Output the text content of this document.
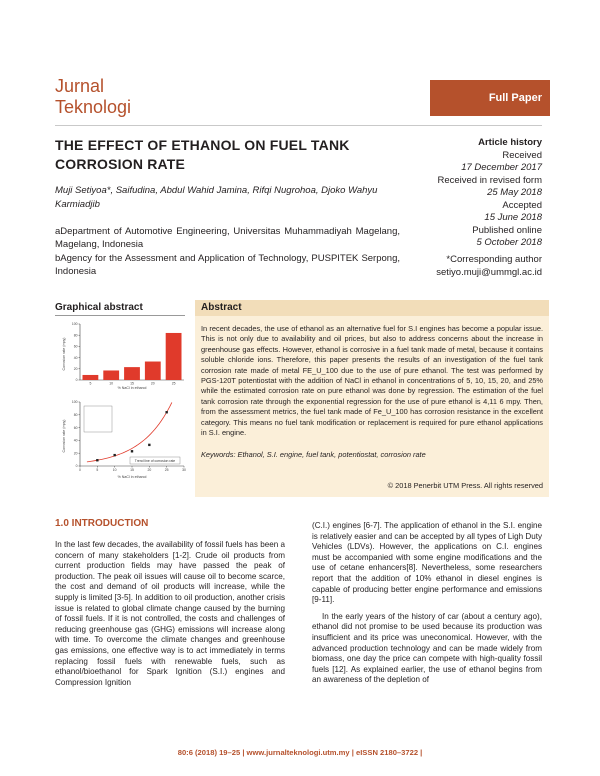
Jurnal
Teknologi	Full Paper
THE EFFECT OF ETHANOL ON FUEL TANK CORROSION RATE
Muji Setiyoa*, Saifudina, Abdul Wahid Jamina, Rifqi Nugrohoa, Djoko Wahyu Karmiadjib
aDepartment of Automotive Engineering, Universitas Muhammadiyah Magelang, Magelang, Indonesia
bAgency for the Assessment and Application of Technology, PUSPITEK Serpong, Indonesia
Article history
Received
17 December 2017
Received in revised form
25 May 2018
Accepted
15 June 2018
Published online
5 October 2018
*Corresponding author
setiyo.muji@ummgl.ac.id
Graphical abstract
Corrosion rate (mpy)
% NaCl in ethanol
0
20
40
60
80
100
5	10	15	20	25
Trend line of corrosion rate
Corrosion rate (mpy)
% NaCl in ethanol
0
20
40
60
80
100
0	5	10	15	20	25	30
Abstract
In recent decades, the use of ethanol as an alternative fuel for S.I engines has become a popular issue. This is not only due to availability and oil prices, but also to address concerns about the increase in greenhouse gas effects. However, ethanol is corrosive in a fuel tank made of metal, because it contains soluble chloride ions. Therefore, this paper presents the results of an investigation of the fuel tank corrosion rate made of metal FE_U_100 due to the use of pure ethanol. The test was performed by PGS-120T potentiostat with the addition of NaCl in ethanol in concentrations of 5, 10, 15, 20, and 25% while the estimated corrosion rate on pure ethanol was done by regression. The estimation of the fuel tank corrosion rate through the exponential regression for the use of pure ethanol is 4,11 6 mpy. Then, from the assessment metrics, the fuel tank made of Fe_U_100 has corrosion resistance in the excellent category. This means no fuel tank modification or replacement is required for pure ethanol applications in S.I. engine.
Keywords: Ethanol, S.I. engine, fuel tank, potentiostat, corrosion rate
© 2018 Penerbit UTM Press. All rights reserved
1.0 INTRODUCTION

In the last few decades, the availability of fossil fuels has been a concern of many stakeholders [1-2]. Crude oil products from current production fields may have passed the peak of production. The peak oil issues will cause oil to become scarce, the cost and demand of oil products will increase, while the supply is limited [3-5]. In addition to oil production, another crisis issue is related to global climate change caused by the burning of fossil fuels. If it is not controlled, the costs and challenges of reducing greenhouse gas (GHG) emissions will increase along with time. To overcome the climate changes and greenhouse gas emissions, one effective way is to act immediately in terms replacing fossil fuels with renewable fuels, such as ethanol/bioethanol for Spark Ignition (S.I.) engines and Compression Ignition

(C.I.) engines [6-7]. The application of ethanol in the S.I. engine is relatively easier and can be accepted by all types of Ligh Duty Vehicles (LDVs). However, the applications on C.I. engines must be accompanied with some engine modifications and the use of cetane enhancers[8]. Nevertheless, some researchers report that the addition of 10% ethanol in diesel engines is capable of producing better engine performance and emissions [9-11].

In the early years of the history of car (about a century ago), ethanol did not promise to be used because its production was insufficient and its price was uneconomical. However, with the advanced production technology and can be made widely from biomass, one day the price can compete with high-quality fossil fuels [12]. As explained earlier, the use of ethanol begins from an awareness of the depletion of

80:6 (2018) 19–25 | www.jurnalteknologi.utm.my | eISSN 2180–3722 |
